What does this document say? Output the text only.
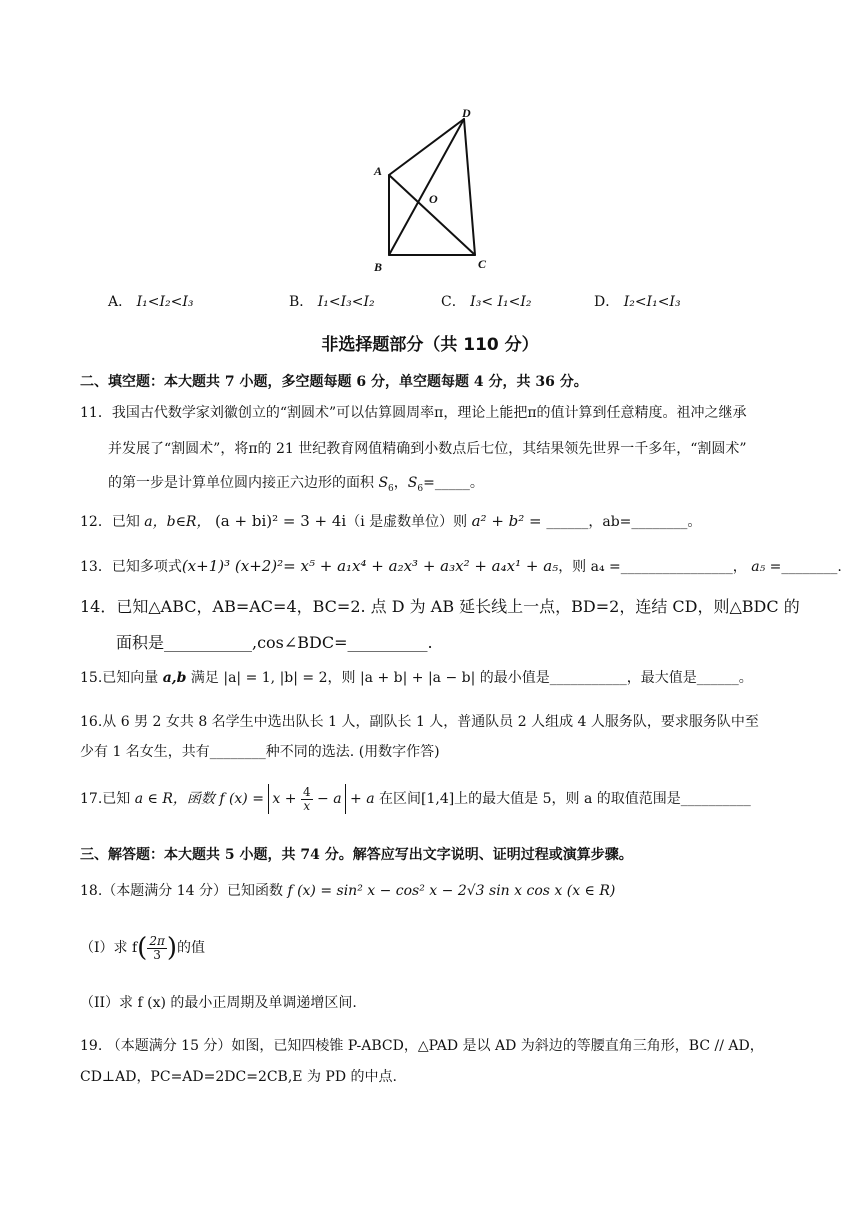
A
B	C
D
O
A． I₁<I₂<I₃	B． I₁<I₃<I₂	C． I₃< I₁<I₂	D． I₂<I₁<I₃
非选择题部分（共 110 分）
二、填空题：本大题共 7 小题，多空题每题 6 分，单空题每题 4 分，共 36 分。
11．我国古代数学家刘徽创立的“割圆术”可以估算圆周率π，理论上能把π的值计算到任意精度。祖冲之继承
并发展了“割圆术”，将π的 21 世纪教育网值精确到小数点后七位，其结果领先世界一千多年，“割圆术”
的第一步是计算单位圆内接正六边形的面积 $S_6$，$S_6=\_\_\_\_\_$。
12．已知 a，b∈R， (a + bi)² = 3 + 4i（i 是虚数单位）则 a² + b² = ______，ab=________。
13．已知多项式(x+1)³ (x+2)²= x⁵ + a₁x⁴ + a₂x³ + a₃x² + a₄x¹ + a₅，则 a₄ =________________， a₅ =________.
14．已知△ABC，AB=AC=4，BC=2. 点 D 为 AB 延长线上一点，BD=2，连结 CD，则△BDC 的
面积是___________,cos∠BDC=__________.
15.已知向量 a,b 满足 |a| = 1, |b| = 2，则 |a + b| + |a − b| 的最小值是___________，最大值是______。
16.从 6 男 2 女共 8 名学生中选出队长 1 人，副队长 1 人，普通队员 2 人组成 4 人服务队，要求服务队中至
少有 1 名女生，共有________种不同的选法. (用数字作答)
17.已知 a ∈ R，函数 f $(x) = x + \frac{4}{x} - a + a$ 在区间[1,4]上的最大值是 5，则 a 的取值范围是__________
三、解答题：本大题共 5 小题，共 74 分。解答应写出文字说明、证明过程或演算步骤。
18.（本题满分 14 分）已知函数 f (x) = sin² x − cos² x − 2√3 sin x cos x (x ∈ R)
（I）求 $f( \frac{2\pi}{3}$ )的值
（II）求 f (x) 的最小正周期及单调递增区间.
19. （本题满分 15 分）如图，已知四棱锥 P-ABCD，△PAD 是以 AD 为斜边的等腰直角三角形，BC // AD，
CD⊥AD，PC=AD=2DC=2CB,E 为 PD 的中点.
